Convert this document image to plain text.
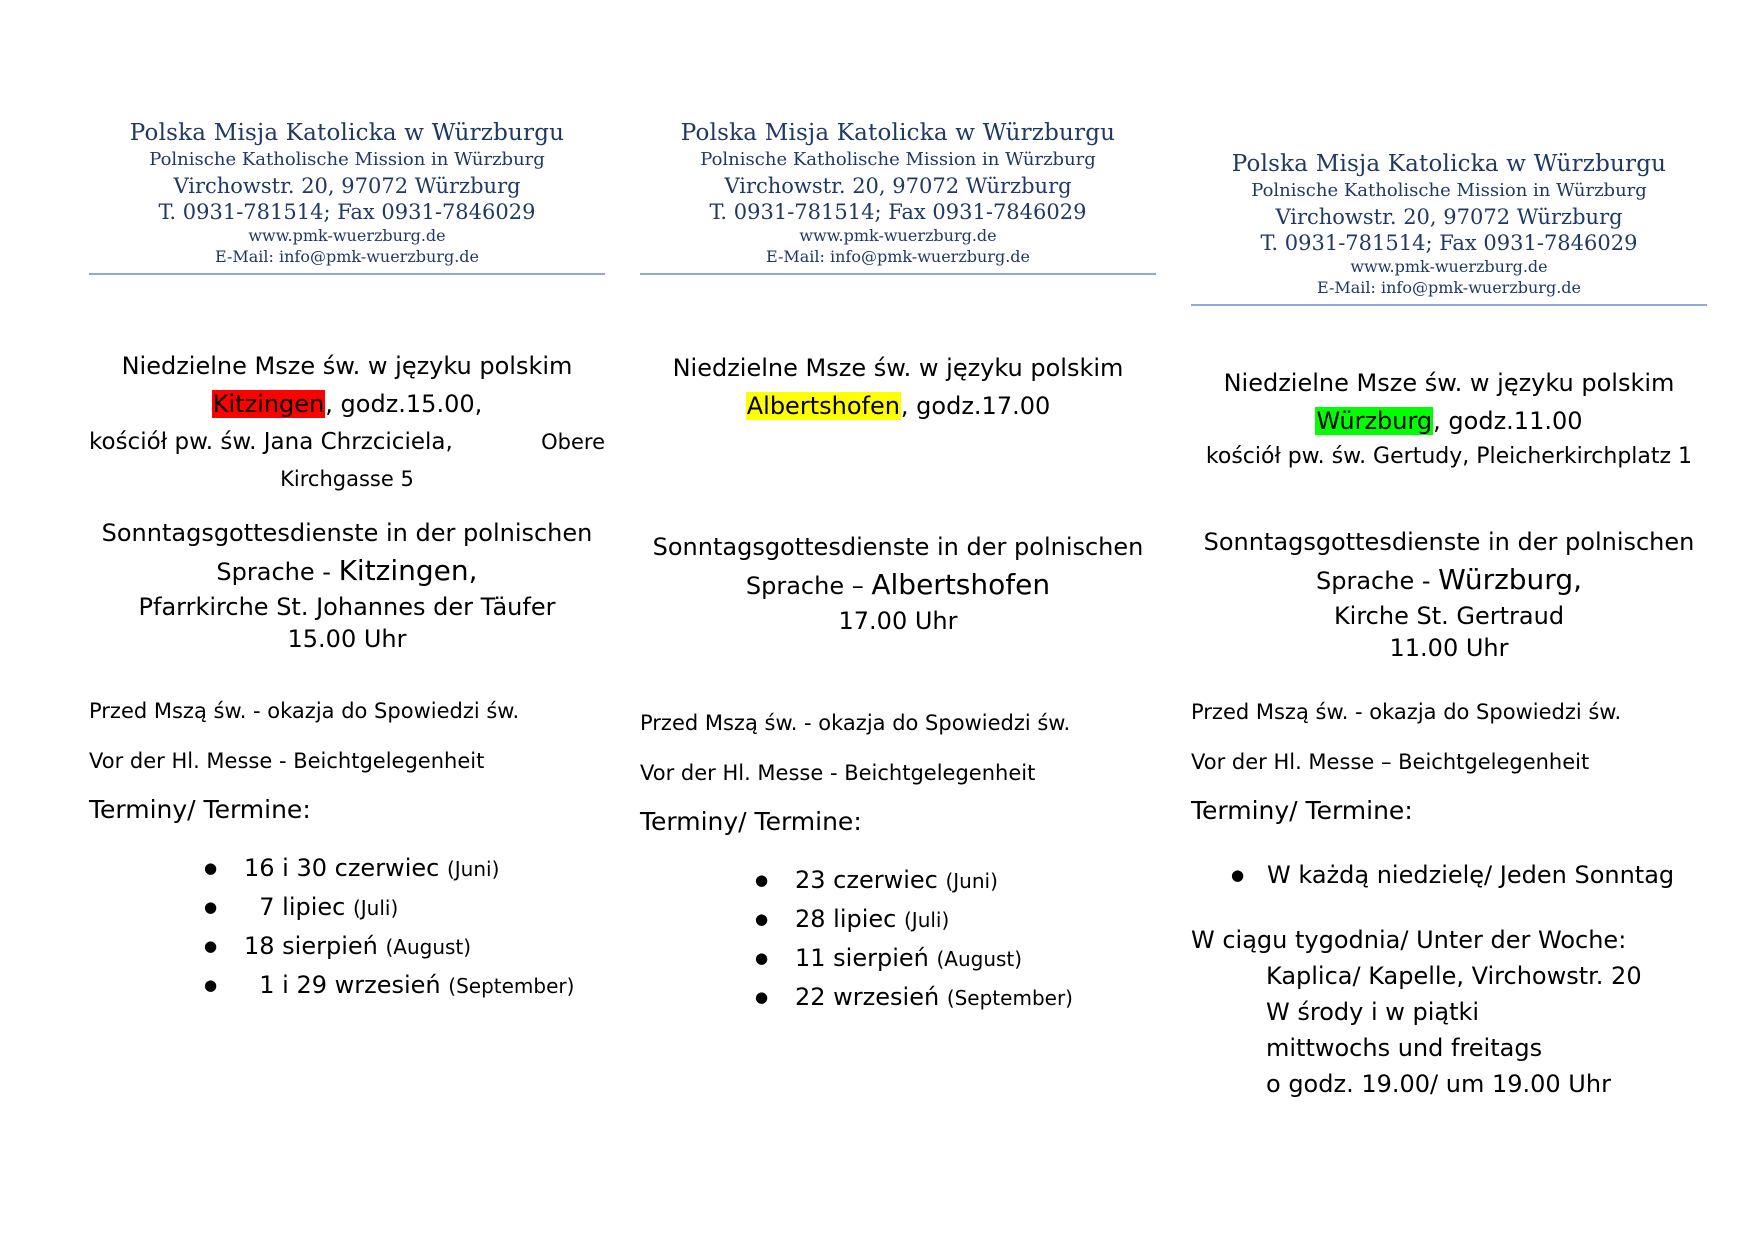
Polska Misja Katolicka w Würzburgu
Polnische Katholische Mission in Würzburg
Virchowstr. 20, 97072 Würzburg
T. 0931-781514; Fax 0931-7846029
www.pmk-wuerzburg.de
E-Mail: info@pmk-wuerzburg.de
Niedzielne Msze św. w języku polskim
Kitzingen, godz.15.00,
kościół pw. św. Jana Chrzciciela,	Obere
Kirchgasse 5
Sonntagsgottesdienste in der polnischen
Sprache - Kitzingen,
Pfarrkirche St. Johannes der Täufer
15.00 Uhr
Przed Mszą św. - okazja do Spowiedzi św.
Vor der Hl. Messe - Beichtgelegenheit
Terminy/ Termine:
● 16 i 30 czerwiec (Juni)
●   7 lipiec (Juli)
● 18 sierpień (August)
●   1 i 29 wrzesień (September)
Polska Misja Katolicka w Würzburgu
Polnische Katholische Mission in Würzburg
Virchowstr. 20, 97072 Würzburg
T. 0931-781514; Fax 0931-7846029
www.pmk-wuerzburg.de
E-Mail: info@pmk-wuerzburg.de
Niedzielne Msze św. w języku polskim
Albertshofen, godz.17.00
Sonntagsgottesdienste in der polnischen
Sprache – Albertshofen
17.00 Uhr
Przed Mszą św. - okazja do Spowiedzi św.
Vor der Hl. Messe - Beichtgelegenheit
Terminy/ Termine:
● 23 czerwiec (Juni)
● 28 lipiec (Juli)
● 11 sierpień (August)
● 22 wrzesień (September)
Polska Misja Katolicka w Würzburgu
Polnische Katholische Mission in Würzburg
Virchowstr. 20, 97072 Würzburg
T. 0931-781514; Fax 0931-7846029
www.pmk-wuerzburg.de
E-Mail: info@pmk-wuerzburg.de
Niedzielne Msze św. w języku polskim
Würzburg, godz.11.00
kościół pw. św. Gertudy, Pleicherkirchplatz 1
Sonntagsgottesdienste in der polnischen
Sprache - Würzburg,
Kirche St. Gertraud
11.00 Uhr
Przed Mszą św. - okazja do Spowiedzi św.
Vor der Hl. Messe – Beichtgelegenheit
Terminy/ Termine:
● W każdą niedzielę/ Jeden Sonntag
W ciągu tygodnia/ Unter der Woche:
Kaplica/ Kapelle, Virchowstr. 20
W środy i w piątki
mittwochs und freitags
o godz. 19.00/ um 19.00 Uhr
